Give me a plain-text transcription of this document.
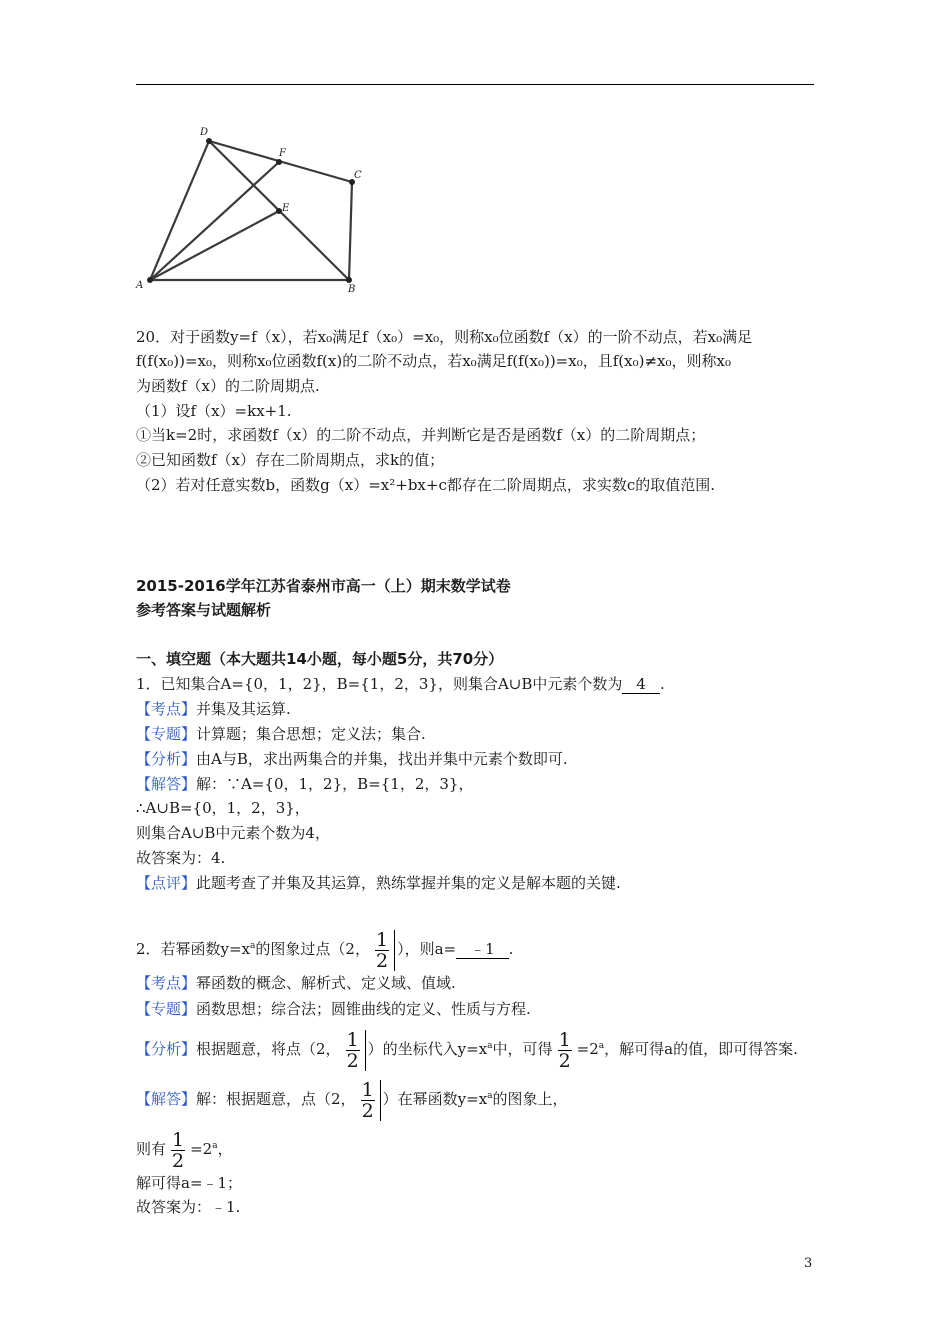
D
A	B
C
F
E
20．对于函数y=f（x），若x₀满足f（x₀）=x₀，则称x₀位函数f（x）的一阶不动点，若x₀满足
f(f(x₀))=x₀，则称x₀位函数f(x)的二阶不动点，若x₀满足f(f(x₀))=x₀，且f(x₀)≠x₀，则称x₀
为函数f（x）的二阶周期点.
（1）设f（x）=kx+1.
①当k=2时，求函数f（x）的二阶不动点，并判断它是否是函数f（x）的二阶周期点；
②已知函数f（x）存在二阶周期点，求k的值；
（2）若对任意实数b，函数g（x）=x²+bx+c都存在二阶周期点，求实数c的取值范围.
2015-2016学年江苏省泰州市高一（上）期末数学试卷
参考答案与试题解析
一、填空题（本大题共14小题，每小题5分，共70分）
1．已知集合A={0，1，2}，B={1，2，3}，则集合A∪B中元素个数为 4 .
【考点】并集及其运算.
【专题】计算题；集合思想；定义法；集合.
【分析】由A与B，求出两集合的并集，找出并集中元素个数即可.
【解答】解：∵A={0，1，2}，B={1，2，3}，
∴A∪B={0，1，2，3}，
则集合A∪B中元素个数为4，
故答案为：4.
【点评】此题考查了并集及其运算，熟练掌握并集的定义是解本题的关键.
2．若幂函数$y=x^a$的图象过点（2， $\frac{1}{2}$ ），则a= ﹣1 .
【考点】幂函数的概念、解析式、定义域、值域.
【专题】函数思想；综合法；圆锥曲线的定义、性质与方程.
【分析】根据题意，将点（2， $\frac{1}{2}$ ）的坐标代入$y=x^a$中，可得 $\frac{1}{2} =2^a$，解可得a的值，即可得答案.
【解答】解：根据题意，点（2， $\frac{1}{2}$ ）在幂函数$y=x^a$的图象上，
则有 $\frac{1}{2} =2^a$，
解可得a=﹣1；
故答案为：﹣1.
3
